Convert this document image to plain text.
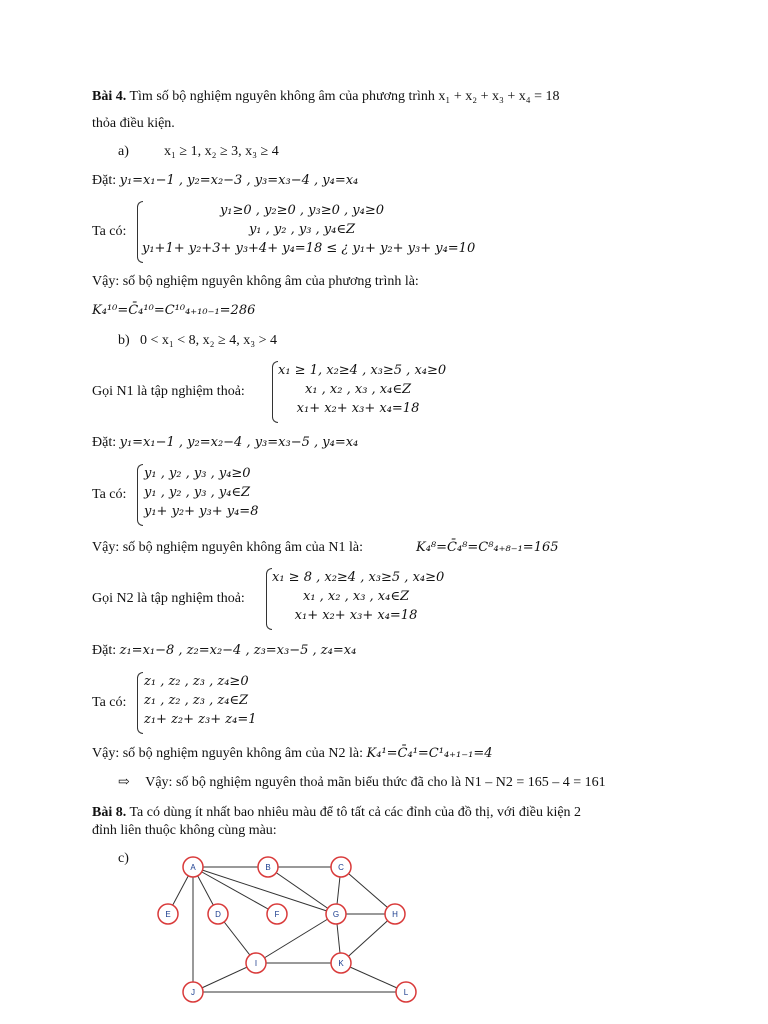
Bài 4. Tìm số bộ nghiệm nguyên không âm của phương trình x₁ + x₂ + x₃ + x₄ = 18
thỏa điều kiện.
a)	x₁ ≥ 1, x₂ ≥ 3, x₃ ≥ 4
Đặt: y₁=x₁−1 , y₂=x₂−3 , y₃=x₃−4 , y₄=x₄
Ta có:
y₁≥0 , y₂≥0 , y₃≥0 , y₄≥0
y₁ , y₂ , y₃ , y₄∈Z
y₁+1+ y₂+3+ y₃+4+ y₄=18 ≤ ¿ y₁+ y₂+ y₃+ y₄=10
Vậy: số bộ nghiệm nguyên không âm của phương trình là:
K₄¹⁰=C̄₄¹⁰=C¹⁰₄₊₁₀₋₁=286
b) 0 < x₁ < 8, x₂ ≥ 4, x₃ > 4
Gọi N1 là tập nghiệm thoả:
x₁ ≥ 1, x₂≥4 , x₃≥5 , x₄≥0
x₁ , x₂ , x₃ , x₄∈Z
x₁+ x₂+ x₃+ x₄=18
Đặt: y₁=x₁−1 , y₂=x₂−4 , y₃=x₃−5 , y₄=x₄
Ta có:
y₁ , y₂ , y₃ , y₄≥0
y₁ , y₂ , y₃ , y₄∈Z
y₁+ y₂+ y₃+ y₄=8
Vậy: số bộ nghiệm nguyên không âm của N1 là:	K₄⁸=C̄₄⁸=C⁸₄₊₈₋₁=165
Gọi N2 là tập nghiệm thoả:
x₁ ≥ 8 , x₂≥4 , x₃≥5 , x₄≥0
x₁ , x₂ , x₃ , x₄∈Z
x₁+ x₂+ x₃+ x₄=18
Đặt: z₁=x₁−8 , z₂=x₂−4 , z₃=x₃−5 , z₄=x₄
Ta có:
z₁ , z₂ , z₃ , z₄≥0
z₁ , z₂ , z₃ , z₄∈Z
z₁+ z₂+ z₃+ z₄=1
Vậy: số bộ nghiệm nguyên không âm của N2 là: K₄¹=C̄₄¹=C¹₄₊₁₋₁=4
⇨ Vậy: số bộ nghiệm nguyên thoả mãn biểu thức đã cho là N1 – N2 = 165 – 4 = 161
Bài 8. Ta có dùng ít nhất bao nhiêu màu để tô tất cả các đỉnh của đồ thị, với điều kiện 2
đỉnh liên thuộc không cùng màu:
c)
A	B	C
D
E	F	G	H
I
J
K
L
